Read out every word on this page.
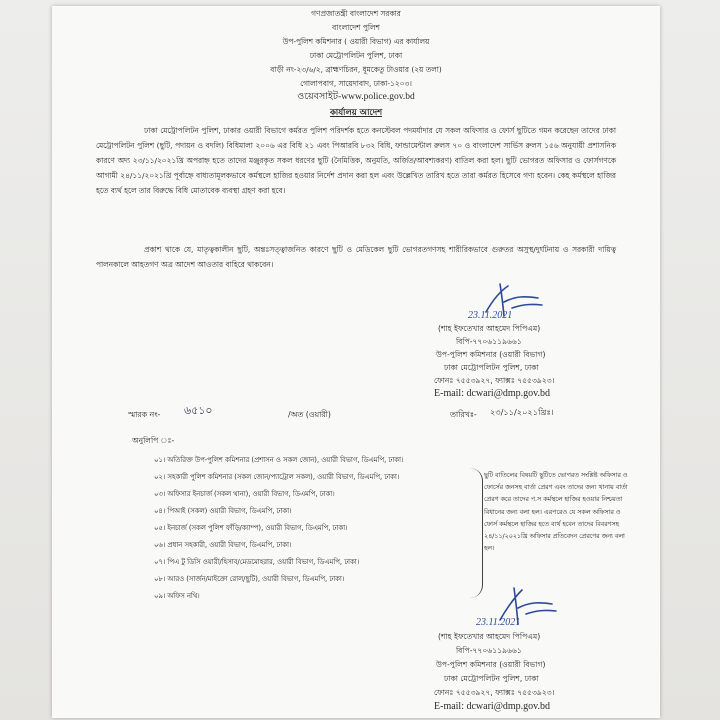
গণপ্রজাতন্ত্রী বাংলাদেশ সরকার
বাংলাদেশ পুলিশ
উপ-পুলিশ কমিশনার ( ওয়ারী বিভাগ) এর কার্যালয়
ঢাকা মেট্রোপলিটন পুলিশ, ঢাকা
বাড়ী নং-২৩/৬/২, ব্রাহ্মণচিরন, ধূমকেতু টাওয়ার (২য় তলা)
গোলাপবাগ, সায়েদাবাদ, ঢাকা-১২০৩।
ওয়েবসাইট-www.police.gov.bd
কার্যালয় আদেশ
ঢাকা মেট্রোপলিটন পুলিশ, ঢাকার ওয়ারী বিভাগে কর্মরত পুলিশ পরিদর্শক হতে কনস্টেবল পদমর্যাদার যে সকল অফিসার ও ফোর্স ছুটিতে গমন করেছেন তাদের ঢাকা মেট্রোপলিটন পুলিশ (ছুটি, পদায়ন ও বদলি) বিধিমালা ২০০৬ এর বিধি ২১ এবং পিআরবি ৮৩২ বিধি, ফান্ডামেন্টাল রুলস ৭০ ও বাংলাদেশ সার্ভিস রুলস ১৫৬ অনুযায়ী প্রশাসনিক কারণে অদ্য ২৩/১১/২০২১খ্রি অপরাহ্ন হতে তাদের মঞ্জুরকৃত সকল ধরণের ছুটি (নৈমিত্তিক, অনুমতি, অর্জিত/আবশ্যকরণ) বাতিল করা হল। ছুটি ভোগরত অফিসার ও ফোর্সগণকে আগামী ২৪/১১/২০২১খ্রি পূর্বাহ্নে বাধ্যতামূলকভাবে কর্মস্থলে হাজির হওয়ার নির্দেশ প্রদান করা হল এবং উল্লেখিত তারিখ হতে তারা কর্মরত হিসেবে গণ্য হবেন। কেহ কর্মস্থলে হাজির হতে ব্যর্থ হলে তার বিরুদ্ধে বিধি মোতাবেক ব্যবস্থা গ্রহণ করা হবে।
প্রকাশ থাকে যে, মাতৃত্বকালীন ছুটি, অন্তঃসত্ত্বাজনিত কারণে ছুটি ও মেডিকেল ছুটি ভোগরতগণসহ শারীরিকভাবে গুরুতর অসুস্থ/দুর্ঘটনায় ও সরকারী দায়িত্ব পালনকালে আহতগণ অত্র আদেশ আওতার বাহিরে থাকবেন।
23.11.2021
(শাহ ইফতেখার আহমেদ পিপিএম)
বিপি-৭৭০৬১১৯৬৬১
উপ-পুলিশ কমিশনার (ওয়ারী বিভাগ)
ঢাকা মেট্রোপলিটন পুলিশ, ঢাকা
ফোনঃ ৭৫৫৩৯২৭, ফ্যাক্সঃ ৭৫৫৩৯২৩।
E-mail: dcwari@dmp.gov.bd
স্মারক নং- ৬৫১০	/অত (ওয়ারী)	তারিখঃ- ২৩/১১/২০২১খ্রিঃ।
অনুলিপি ঃ-
০১। অতিরিক্ত উপ-পুলিশ কমিশনার (প্রশাসন ও সকল জোন), ওয়ারী বিভাগ, ডিএমপি, ঢাকা।
০২। সহকারী পুলিশ কমিশনার (সকল জোন/প্যাট্রোল সকল), ওয়ারী বিভাগ, ডিএমপি, ঢাকা।
০৩। অফিসার ইনচার্জ (সকল থানা), ওয়ারী বিভাগ, ডিএমপি, ঢাকা।
০৪। পিআই (সকল) ওয়ারী বিভাগ, ডিএমপি, ঢাকা।
০৫। ইনচার্জ (সকল পুলিশ ফাঁড়ি/ক্যাম্প), ওয়ারী বিভাগ, ডিএমপি, ঢাকা।
০৬। প্রধান সহকারী, ওয়ারী বিভাগ, ডিএমপি, ঢাকা।
০৭। পিএ টু ডিসি ওয়ারী/হিসাব/মেডমোহরার, ওয়ারী বিভাগ, ডিএমপি, ঢাকা।
০৮। আরও (সার্জন/মাইক্রো রোল/ছুটি), ওয়ারী বিভাগ, ডিএমপি, ঢাকা।
০৯। অফিস নথি।
ছুটি বাতিলের বিষয়টি ছুটিতে ভোগরত সংশ্লিষ্ট অফিসার ও ফোর্সের জনসহ বার্তা প্রেরণ এবং তাদের জন্য থানায় বার্তা প্রেরণ করে তাদের প.স কর্মস্থলে হাজির হওয়ার নিশ্চয়তা বিধানের জন্য বলা হল। এরপরেও যে সকল অফিসার ও ফোর্স কর্মস্থলে হাজির হতে ব্যর্থ হবেন তাদের বিবরণসহ ২৪/১১/২০২১খ্রি অফিসার প্রতিবেদন প্রেরণের জন্য বলা হল।
23.11.2021
(শাহ ইফতেখার আহমেদ পিপিএম)
বিপি-৭৭০৬১১৯৬৬১
উপ-পুলিশ কমিশনার (ওয়ারী বিভাগ)
ঢাকা মেট্রোপলিটন পুলিশ, ঢাকা
ফোনঃ ৭৫৫৩৯২৭, ফ্যাক্সঃ ৭৫৫৩৯২৩।
E-mail: dcwari@dmp.gov.bd
